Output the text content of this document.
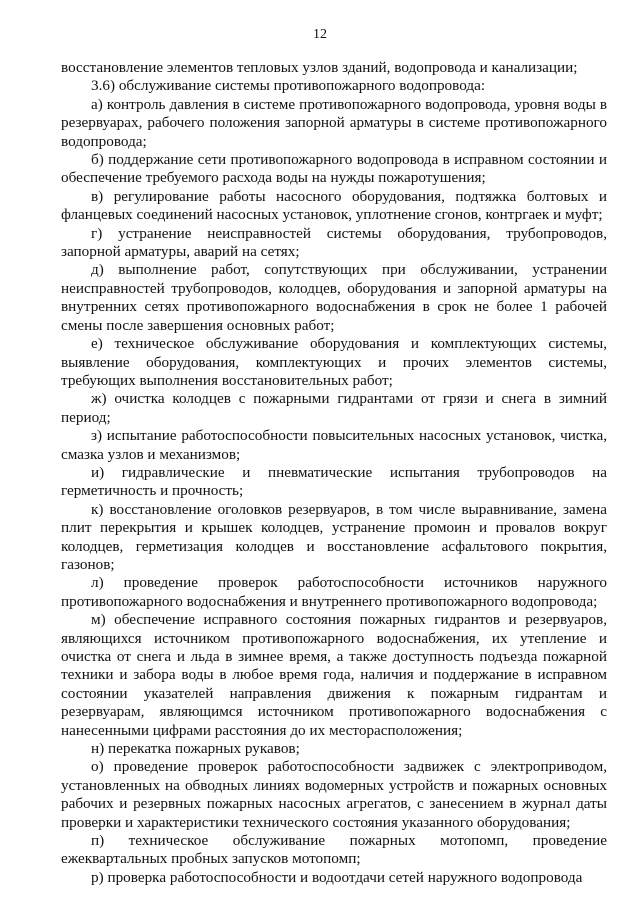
12

восстановление элементов тепловых узлов зданий, водопровода и канализации;

3.6) обслуживание системы противопожарного водопровода:

а) контроль давления в системе противопожарного водопровода, уровня воды в резервуарах, рабочего положения запорной арматуры в системе противопожарного водопровода;

б) поддержание сети противопожарного водопровода в исправном состоянии и обеспечение требуемого расхода воды на нужды пожаротушения;

в) регулирование работы насосного оборудования, подтяжка болтовых и фланцевых соединений насосных установок, уплотнение сгонов, контргаек и муфт;

г) устранение неисправностей системы оборудования, трубопроводов, запорной арматуры, аварий на сетях;

д) выполнение работ, сопутствующих при обслуживании, устранении неисправностей трубопроводов, колодцев, оборудования и запорной арматуры на внутренних сетях противопожарного водоснабжения в срок не более 1 рабочей смены после завершения основных работ;

е) техническое обслуживание оборудования и комплектующих системы, выявление оборудования, комплектующих и прочих элементов системы, требующих выполнения восстановительных работ;

ж) очистка колодцев с пожарными гидрантами от грязи и снега в зимний период;

з) испытание работоспособности повысительных насосных установок, чистка, смазка узлов и механизмов;

и) гидравлические и пневматические испытания трубопроводов на герметичность и прочность;

к) восстановление оголовков резервуаров, в том числе выравнивание, замена плит перекрытия и крышек колодцев, устранение промоин и провалов вокруг колодцев, герметизация колодцев и восстановление асфальтового покрытия, газонов;

л) проведение проверок работоспособности источников наружного противопожарного водоснабжения и внутреннего противопожарного водопровода;

м) обеспечение исправного состояния пожарных гидрантов и резервуаров, являющихся источником противопожарного водоснабжения, их утепление и очистка от снега и льда в зимнее время, а также доступность подъезда пожарной техники и забора воды в любое время года, наличия и поддержание в исправном состоянии указателей направления движения к пожарным гидрантам и резервуарам, являющимся источником противопожарного водоснабжения с нанесенными цифрами расстояния до их месторасположения;

н) перекатка пожарных рукавов;

о) проведение проверок работоспособности задвижек с электроприводом, установленных на обводных линиях водомерных устройств и пожарных основных рабочих и резервных пожарных насосных агрегатов, с занесением в журнал даты проверки и характеристики технического состояния указанного оборудования;

п) техническое обслуживание пожарных мотопомп, проведение ежеквартальных пробных запусков мотопомп;

р) проверка работоспособности и водоотдачи сетей наружного водопровода
